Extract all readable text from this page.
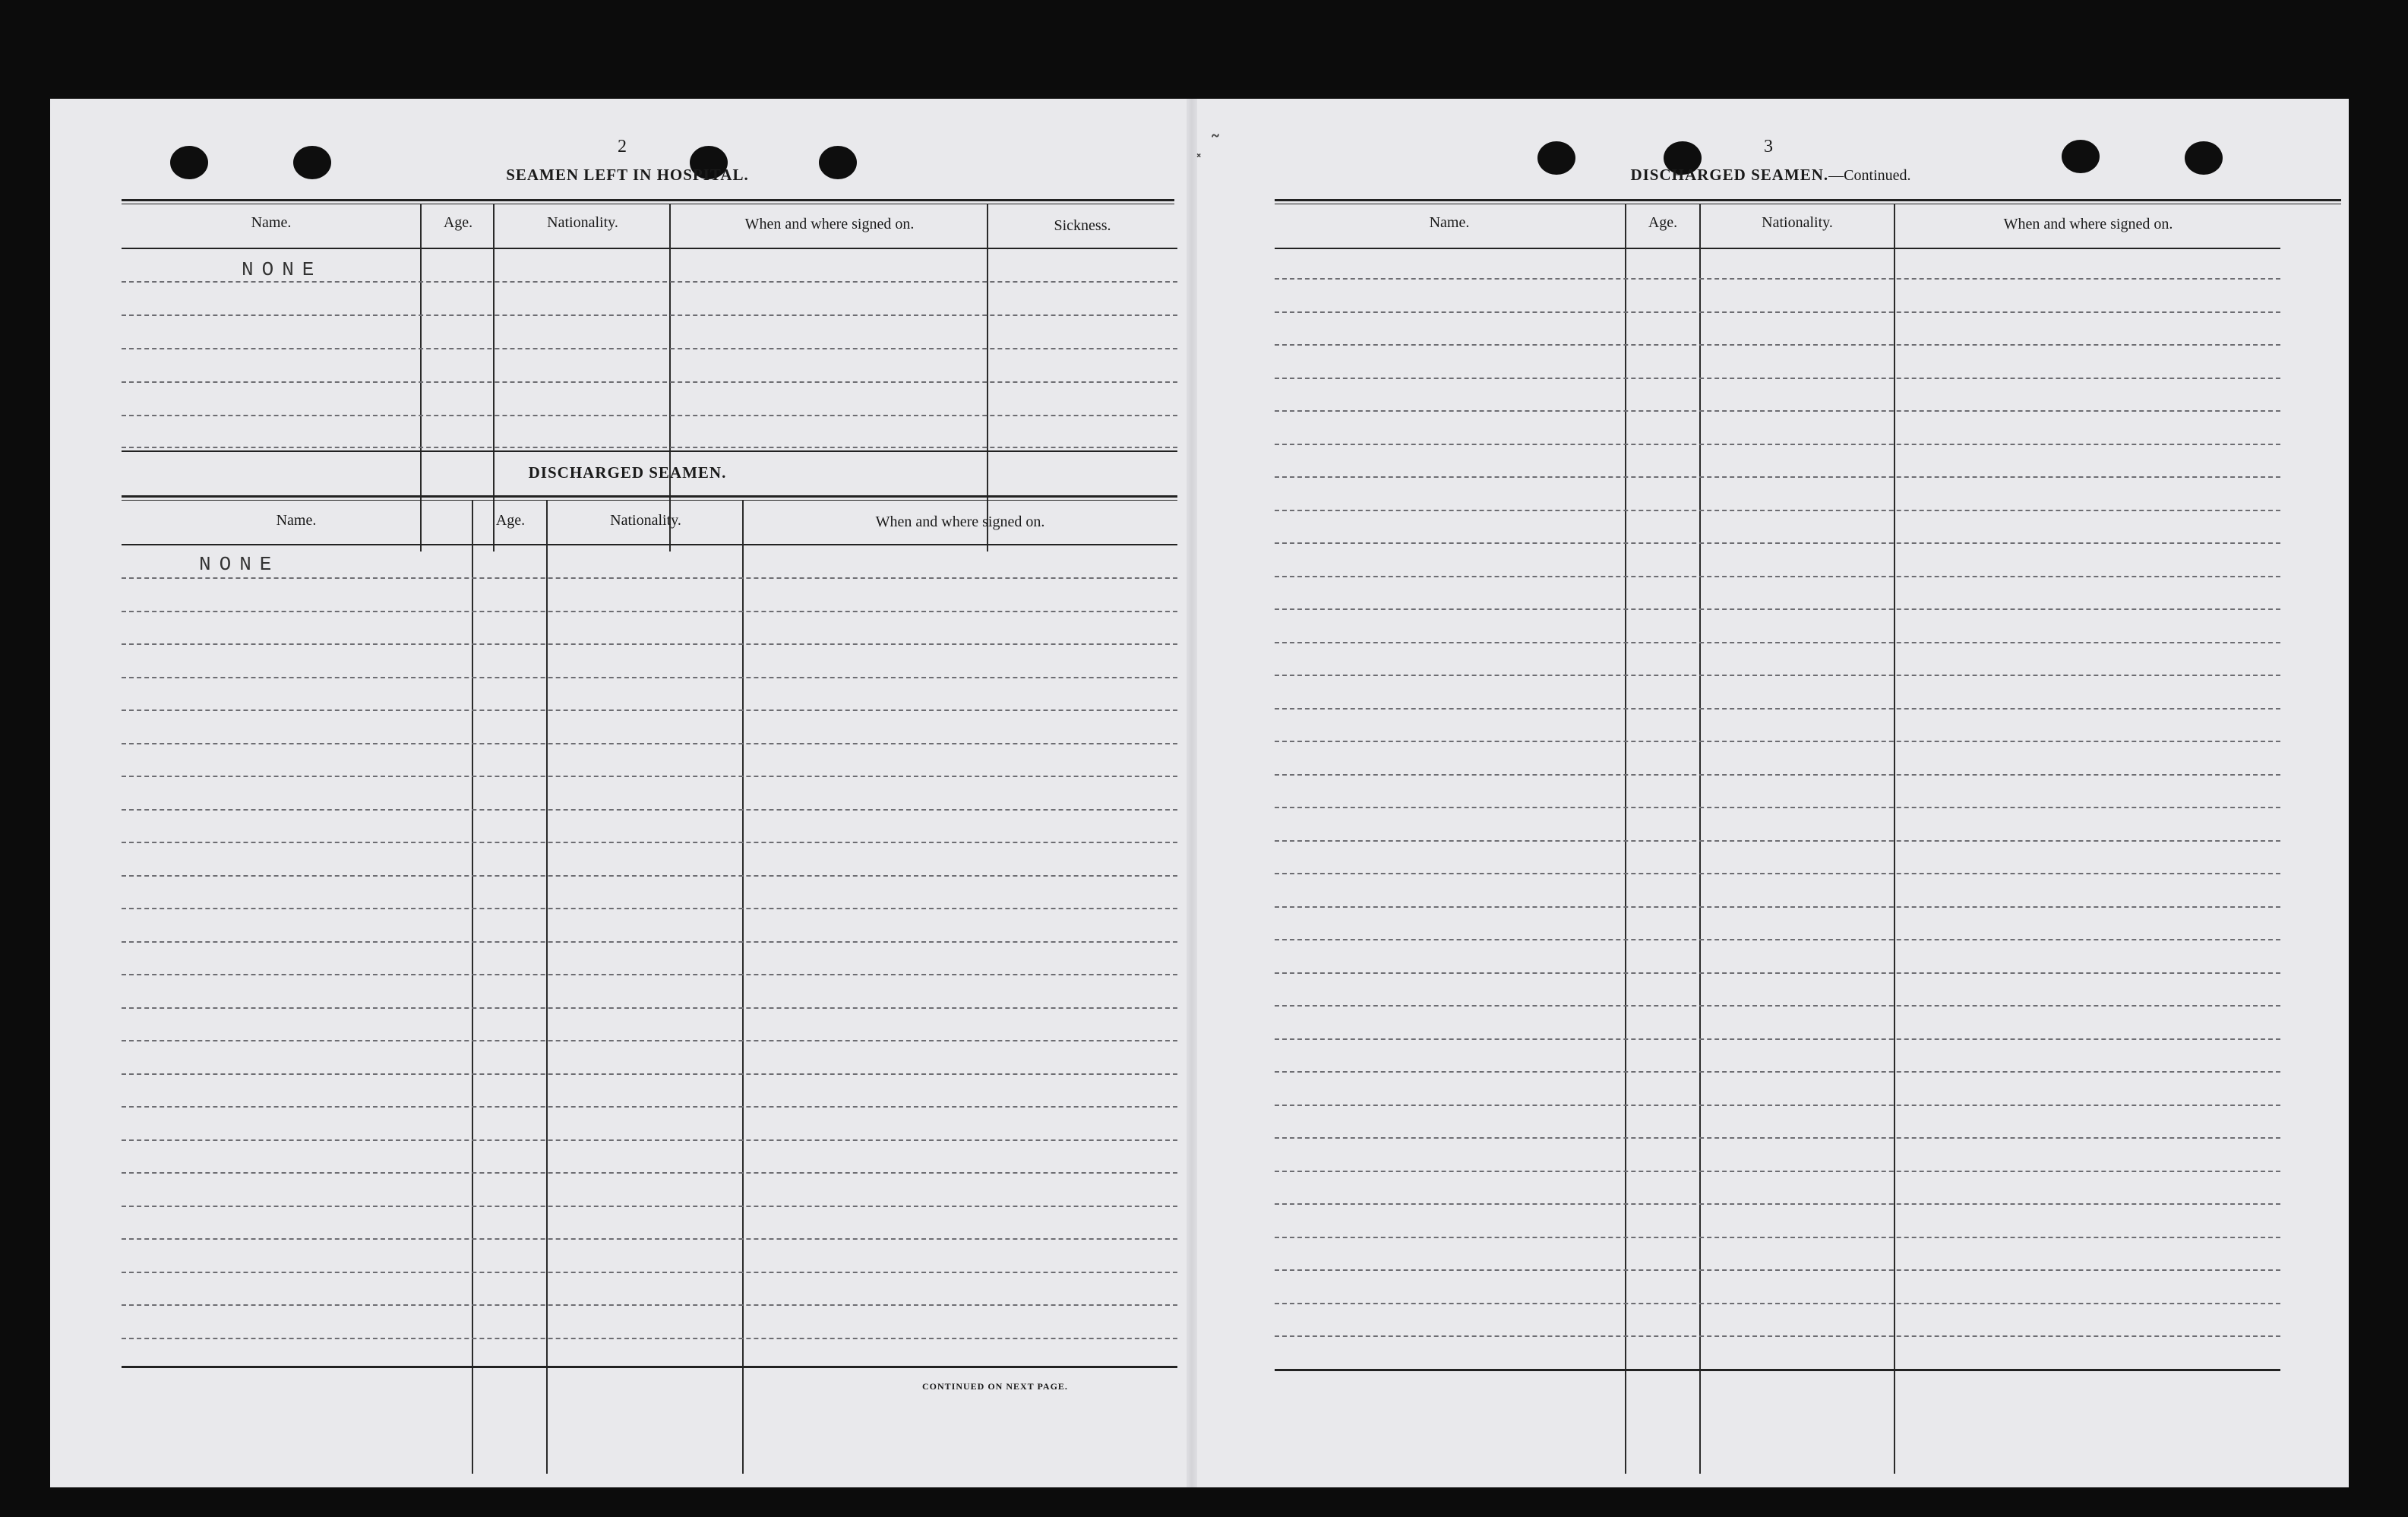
2
SEAMEN LEFT IN HOSPITAL.
Name.	Age.	Nationality.	When and where signed on.	Sickness.
NONE
DISCHARGED SEAMEN.
Name.	Age.	Nationality.	When and where signed on.
NONE
CONTINUED ON NEXT PAGE.
⸼ ˜	3
DISCHARGED SEAMEN.—Continued.
Name.	Age.	Nationality.	When and where signed on.
